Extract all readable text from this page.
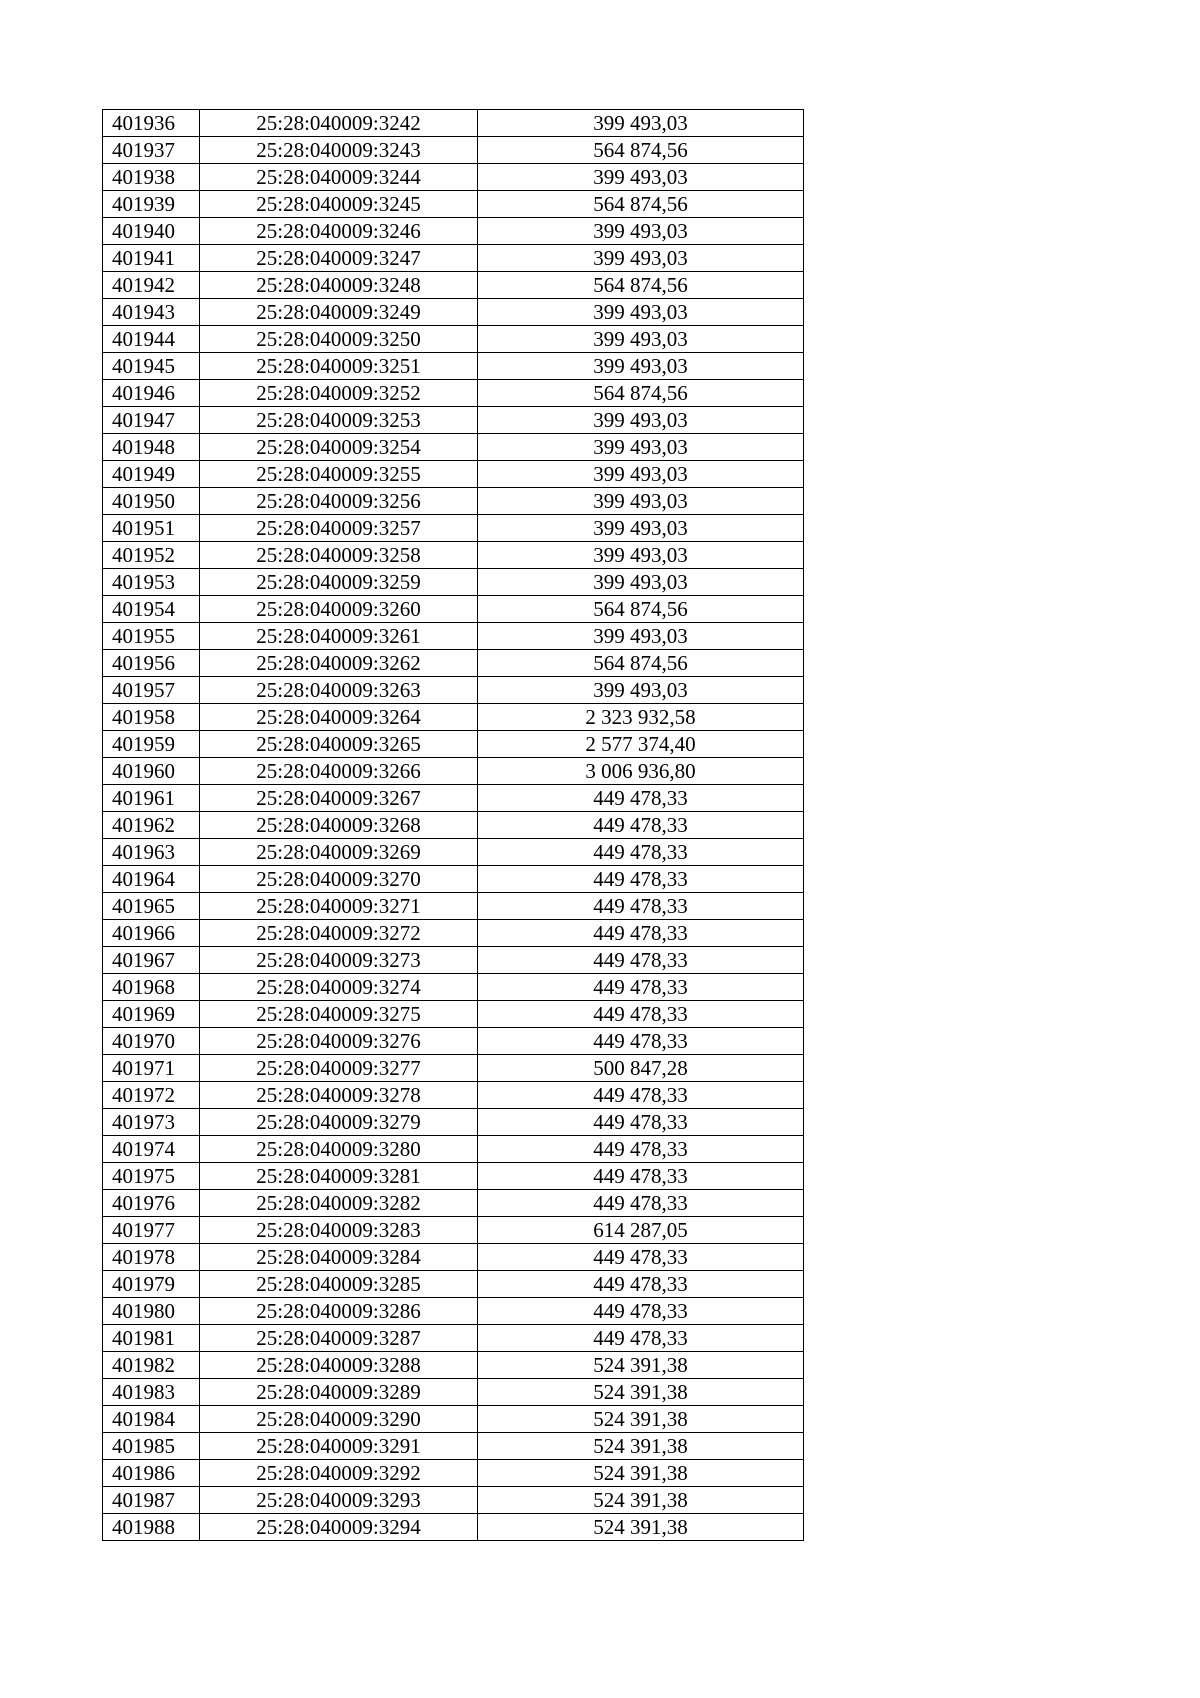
401936	25:28:040009:3242	399 493,03
401937	25:28:040009:3243	564 874,56
401938	25:28:040009:3244	399 493,03
401939	25:28:040009:3245	564 874,56
401940	25:28:040009:3246	399 493,03
401941	25:28:040009:3247	399 493,03
401942	25:28:040009:3248	564 874,56
401943	25:28:040009:3249	399 493,03
401944	25:28:040009:3250	399 493,03
401945	25:28:040009:3251	399 493,03
401946	25:28:040009:3252	564 874,56
401947	25:28:040009:3253	399 493,03
401948	25:28:040009:3254	399 493,03
401949	25:28:040009:3255	399 493,03
401950	25:28:040009:3256	399 493,03
401951	25:28:040009:3257	399 493,03
401952	25:28:040009:3258	399 493,03
401953	25:28:040009:3259	399 493,03
401954	25:28:040009:3260	564 874,56
401955	25:28:040009:3261	399 493,03
401956	25:28:040009:3262	564 874,56
401957	25:28:040009:3263	399 493,03
401958	25:28:040009:3264	2 323 932,58
401959	25:28:040009:3265	2 577 374,40
401960	25:28:040009:3266	3 006 936,80
401961	25:28:040009:3267	449 478,33
401962	25:28:040009:3268	449 478,33
401963	25:28:040009:3269	449 478,33
401964	25:28:040009:3270	449 478,33
401965	25:28:040009:3271	449 478,33
401966	25:28:040009:3272	449 478,33
401967	25:28:040009:3273	449 478,33
401968	25:28:040009:3274	449 478,33
401969	25:28:040009:3275	449 478,33
401970	25:28:040009:3276	449 478,33
401971	25:28:040009:3277	500 847,28
401972	25:28:040009:3278	449 478,33
401973	25:28:040009:3279	449 478,33
401974	25:28:040009:3280	449 478,33
401975	25:28:040009:3281	449 478,33
401976	25:28:040009:3282	449 478,33
401977	25:28:040009:3283	614 287,05
401978	25:28:040009:3284	449 478,33
401979	25:28:040009:3285	449 478,33
401980	25:28:040009:3286	449 478,33
401981	25:28:040009:3287	449 478,33
401982	25:28:040009:3288	524 391,38
401983	25:28:040009:3289	524 391,38
401984	25:28:040009:3290	524 391,38
401985	25:28:040009:3291	524 391,38
401986	25:28:040009:3292	524 391,38
401987	25:28:040009:3293	524 391,38
401988	25:28:040009:3294	524 391,38
